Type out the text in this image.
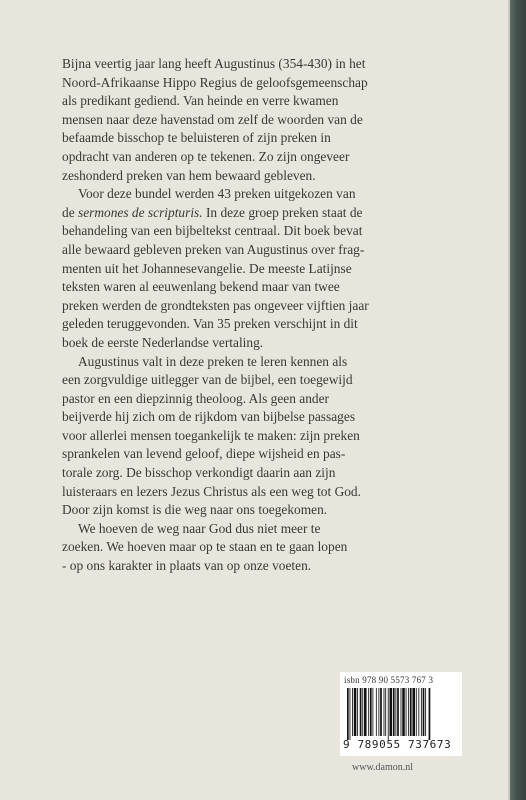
Bijna veertig jaar lang heeft Augustinus (354-430) in het
Noord-Afrikaanse Hippo Regius de geloofsgemeenschap
als predikant gediend. Van heinde en verre kwamen
mensen naar deze havenstad om zelf de woorden van de
befaamde bisschop te beluisteren of zijn preken in
opdracht van anderen op te tekenen. Zo zijn ongeveer
zeshonderd preken van hem bewaard gebleven.

Voor deze bundel werden 43 preken uitgekozen van
de sermones de scripturis. In deze groep preken staat de
behandeling van een bijbeltekst centraal. Dit boek bevat
alle bewaard gebleven preken van Augustinus over frag-
menten uit het Johannesevangelie. De meeste Latijnse
teksten waren al eeuwenlang bekend maar van twee
preken werden de grondteksten pas ongeveer vijftien jaar
geleden teruggevonden. Van 35 preken verschijnt in dit
boek de eerste Nederlandse vertaling.

Augustinus valt in deze preken te leren kennen als
een zorgvuldige uitlegger van de bijbel, een toegewijd
pastor en een diepzinnig theoloog. Als geen ander
beijverde hij zich om de rijkdom van bijbelse passages
voor allerlei mensen toegankelijk te maken: zijn preken
sprankelen van levend geloof, diepe wijsheid en pas-
torale zorg. De bisschop verkondigt daarin aan zijn
luisteraars en lezers Jezus Christus als een weg tot God.
Door zijn komst is die weg naar ons toegekomen.

We hoeven de weg naar God dus niet meer te
zoeken. We hoeven maar op te staan en te gaan lopen
- op ons karakter in plaats van op onze voeten.

isbn 978 90 5573 767 3
9 789055 737673
www.damon.nl
